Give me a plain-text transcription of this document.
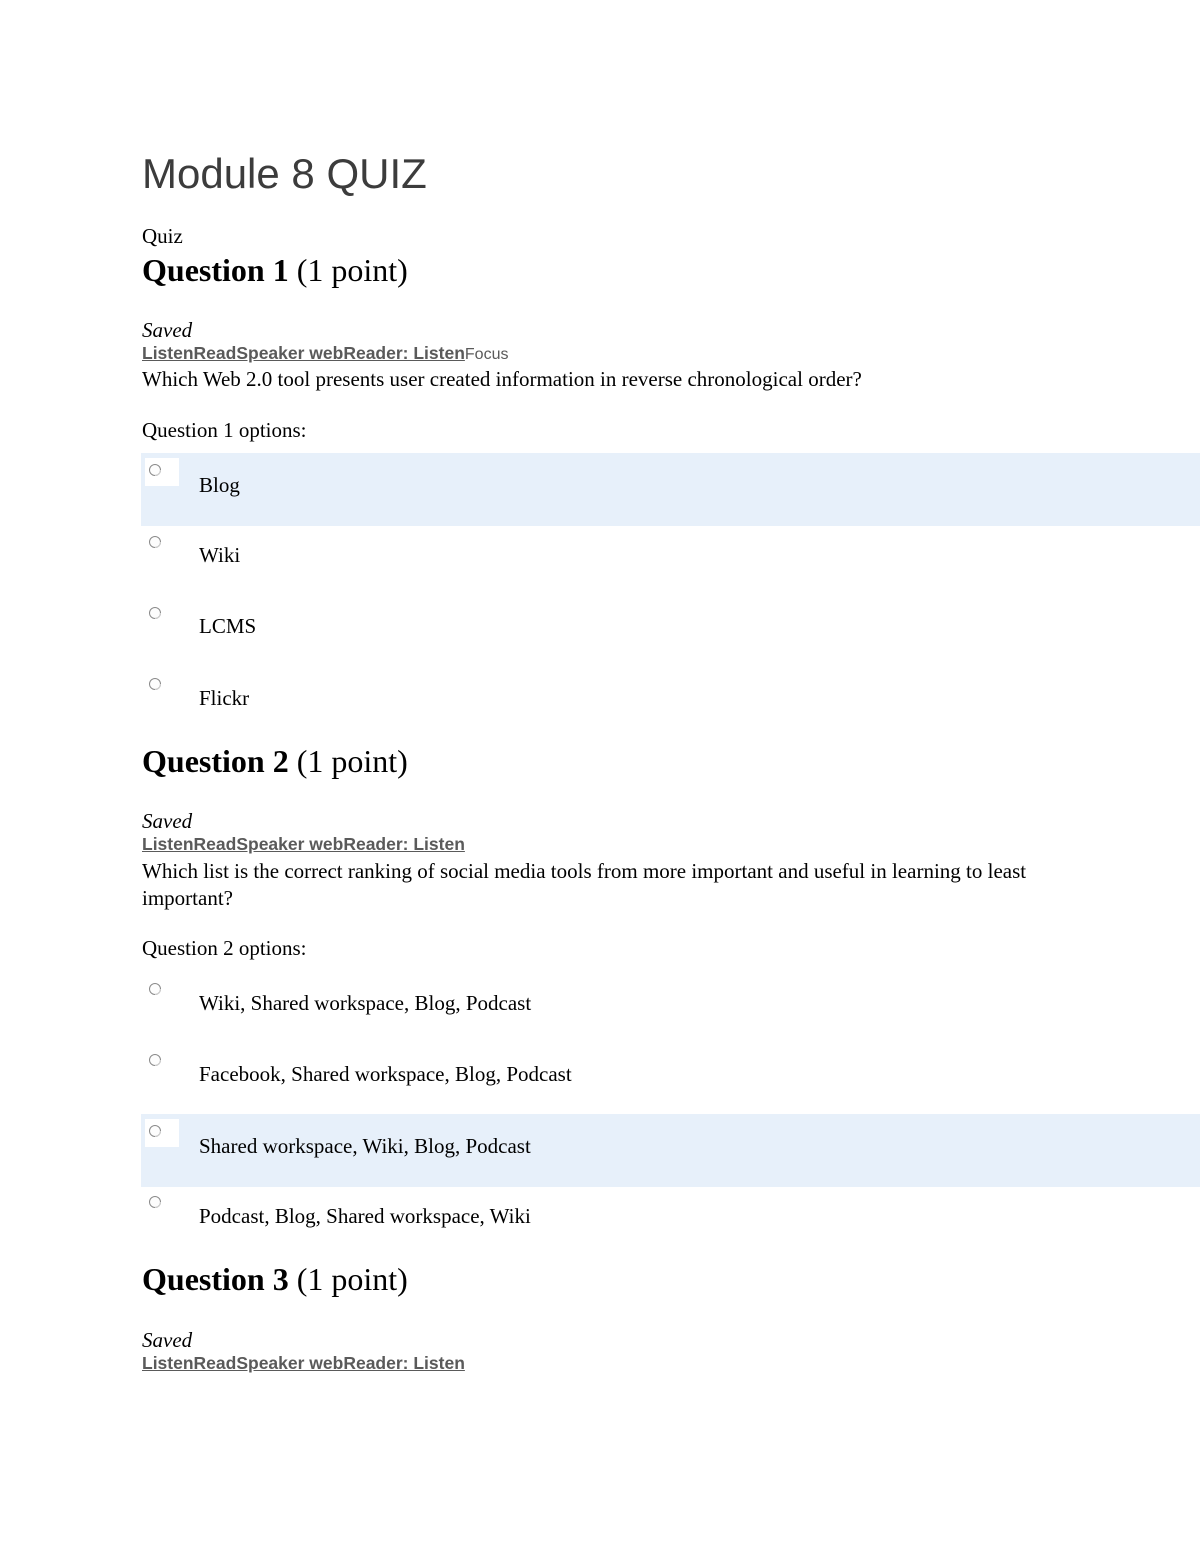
Module 8 QUIZ
Quiz
Question 1 (1 point)
Saved
ListenReadSpeaker webReader: ListenFocus
Which Web 2.0 tool presents user created information in reverse chronological order?
Question 1 options:
Blog
Wiki
LCMS
Flickr
Question 2 (1 point)
Saved
ListenReadSpeaker webReader: Listen
Which list is the correct ranking of social media tools from more important and useful in learning to least important?
Question 2 options:
Wiki, Shared workspace, Blog, Podcast
Facebook, Shared workspace, Blog, Podcast
Shared workspace, Wiki, Blog, Podcast
Podcast, Blog, Shared workspace, Wiki
Question 3 (1 point)
Saved
ListenReadSpeaker webReader: Listen
